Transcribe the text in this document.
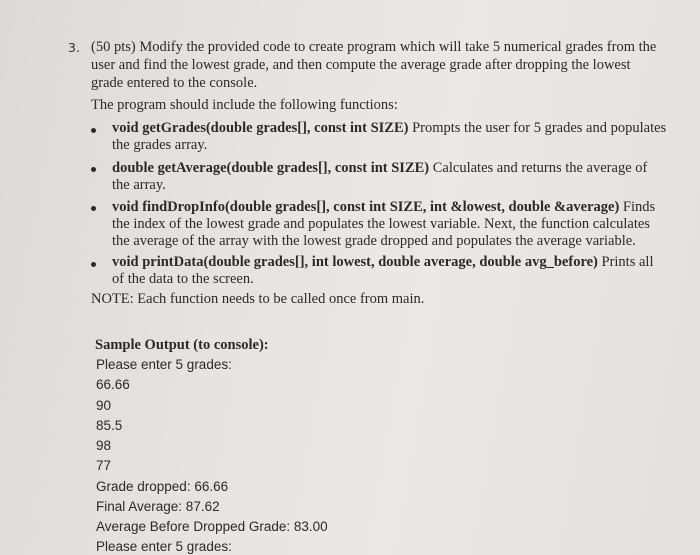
3. (50 pts) Modify the provided code to create program which will take 5 numerical grades from the user and find the lowest grade, and then compute the average grade after dropping the lowest grade entered to the console.
The program should include the following functions:
void getGrades(double grades[], const int SIZE) Prompts the user for 5 grades and populates the grades array.
double getAverage(double grades[], const int SIZE) Calculates and returns the average of the array.
void findDropInfo(double grades[], const int SIZE, int &lowest, double &average) Finds the index of the lowest grade and populates the lowest variable. Next, the function calculates the average of the array with the lowest grade dropped and populates the average variable.
void printData(double grades[], int lowest, double average, double avg_before) Prints all of the data to the screen.
NOTE: Each function needs to be called once from main.
Sample Output (to console):
Please enter 5 grades:
66.66
90
85.5
98
77
Grade dropped: 66.66
Final Average: 87.62
Average Before Dropped Grade: 83.00
Please enter 5 grades:
